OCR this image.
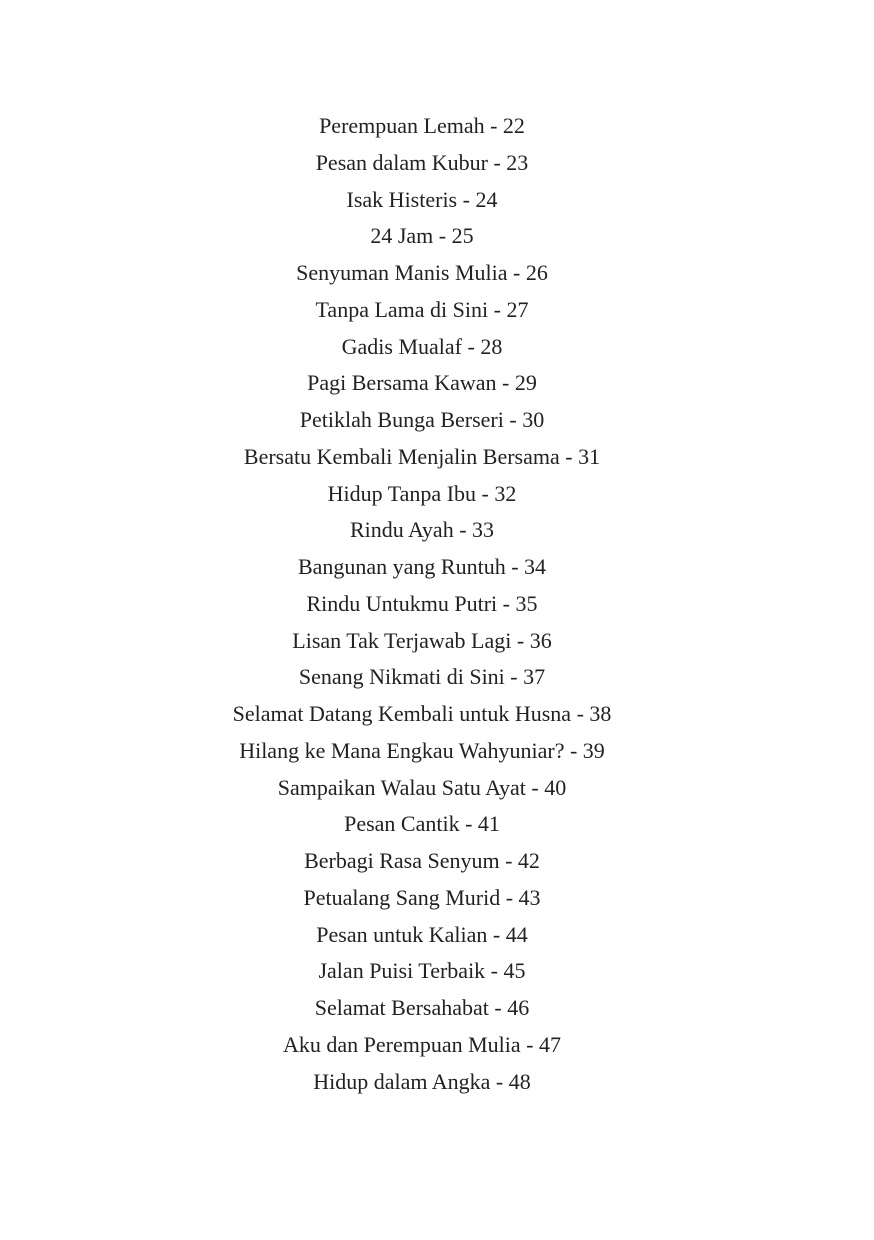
Perempuan Lemah - 22
Pesan dalam Kubur - 23
Isak Histeris - 24
24 Jam - 25
Senyuman Manis Mulia - 26
Tanpa Lama di Sini - 27
Gadis Mualaf - 28
Pagi Bersama Kawan - 29
Petiklah Bunga Berseri - 30
Bersatu Kembali Menjalin Bersama - 31
Hidup Tanpa Ibu - 32
Rindu Ayah - 33
Bangunan yang Runtuh - 34
Rindu Untukmu Putri - 35
Lisan Tak Terjawab Lagi - 36
Senang Nikmati di Sini - 37
Selamat Datang Kembali untuk Husna - 38
Hilang ke Mana Engkau Wahyuniar? - 39
Sampaikan Walau Satu Ayat - 40
Pesan Cantik - 41
Berbagi Rasa Senyum - 42
Petualang Sang Murid - 43
Pesan untuk Kalian - 44
Jalan Puisi Terbaik - 45
Selamat Bersahabat - 46
Aku dan Perempuan Mulia - 47
Hidup dalam Angka - 48
